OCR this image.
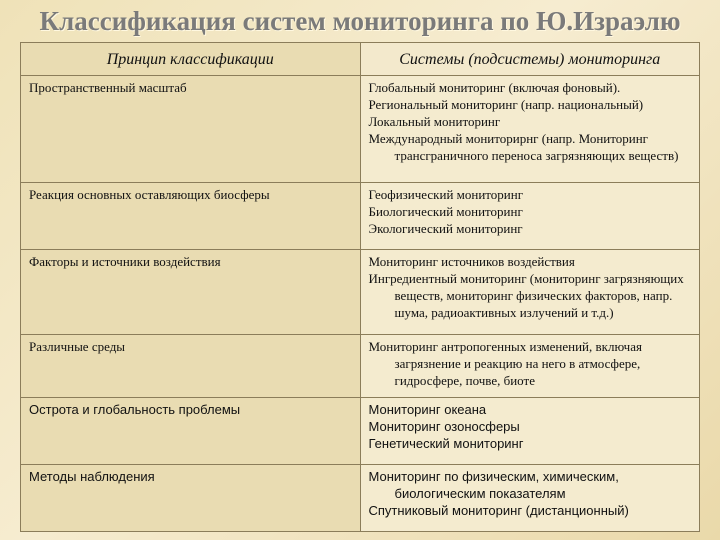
Классификация систем мониторинга по Ю.Израэлю
Принцип классификации	Системы (подсистемы) мониторинга

Пространственный масштаб	Глобальный мониторинг (включая фоновый).
Региональный мониторинг (напр. национальный)
Локальный мониторинг
Международный мониторирнг (напр. Мониторинг трансграничного переноса загрязняющих веществ)

Реакция основных оставляющих биосферы	Геофизический мониторинг
Биологический мониторинг
Экологический мониторинг

Факторы и источники воздействия	Мониторинг источников воздействия
Ингредиентный мониторинг (мониторинг загрязняющих веществ, мониторинг физических факторов, напр. шума, радиоактивных излучений и т.д.)

Различные среды	Мониторинг антропогенных изменений, включая загрязнение и реакцию на него в атмосфере, гидросфере, почве, биоте

Острота и глобальность проблемы	Мониторинг океана
Мониторинг озоносферы
Генетический мониторинг

Методы наблюдения	Мониторинг по физическим, химическим, биологическим показателям
Спутниковый мониторинг (дистанционный)
